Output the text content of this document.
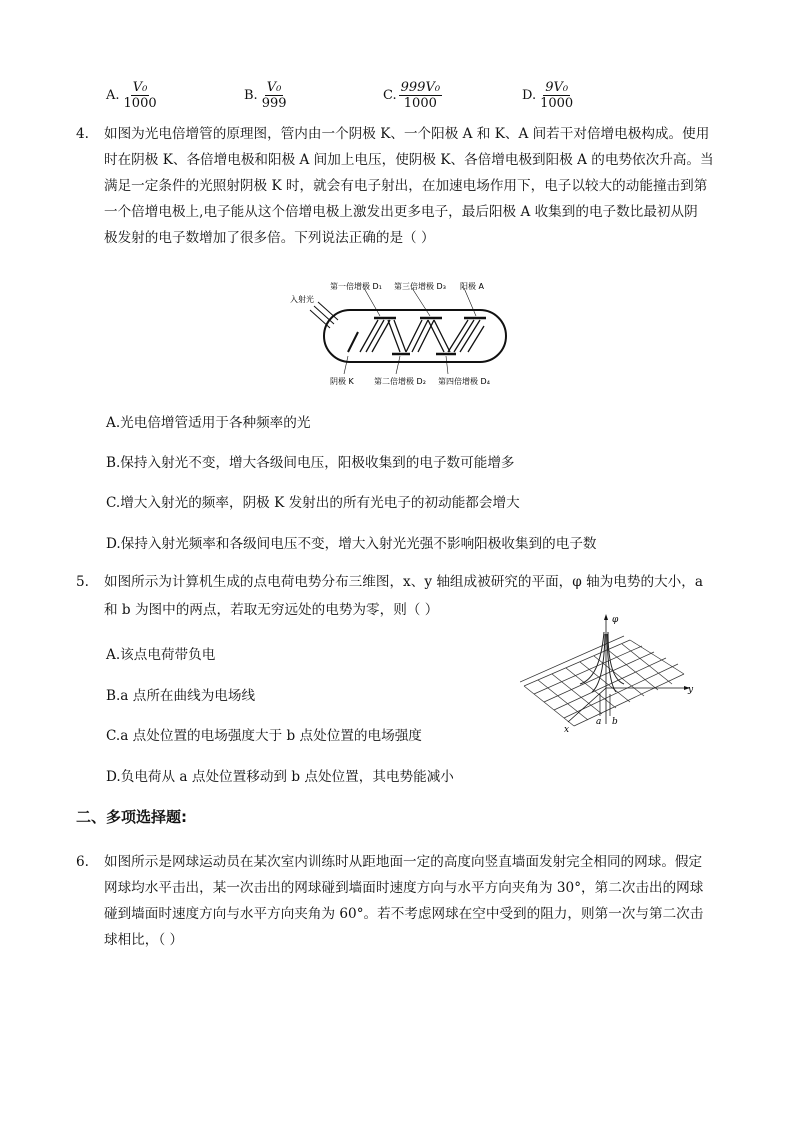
A. $\frac{\text{V₀}}{1000}$	B. $\frac{\text{V₀}}{999}$	C. $\frac{\text{999V₀}}{1000}$	D. $\frac{\text{9V₀}}{1000}$
4. 如图为光电倍增管的原理图，管内由一个阴极 K、一个阳极 A 和 K、A 间若干对倍增电极构成。使用
时在阴极 K、各倍增电极和阳极 A 间加上电压，使阴极 K、各倍增电极到阳极 A 的电势依次升高。当
满足一定条件的光照射阴极 K 时，就会有电子射出，在加速电场作用下，电子以较大的动能撞击到第
一个倍增电极上,电子能从这个倍增电极上激发出更多电子，最后阳极 A 收集到的电子数比最初从阴
极发射的电子数增加了很多倍。下列说法正确的是（ ）
入射光
第一倍增极 D₁ 第三倍增极 D₃ 阳极 A
阴极 K	第二倍增极 D₂ 第四倍增极 D₄
A.光电倍增管适用于各种频率的光
B.保持入射光不变，增大各级间电压，阳极收集到的电子数可能增多
C.增大入射光的频率，阴极 K 发射出的所有光电子的初动能都会增大
D.保持入射光频率和各级间电压不变，增大入射光光强不影响阳极收集到的电子数
5. 如图所示为计算机生成的点电荷电势分布三维图，x、y 轴组成被研究的平面，φ 轴为电势的大小，a
和 b 为图中的两点，若取无穷远处的电势为零，则（ ）
φ
y
x
a b
A.该点电荷带负电
B.a 点所在曲线为电场线
C.a 点处位置的电场强度大于 b 点处位置的电场强度
D.负电荷从 a 点处位置移动到 b 点处位置，其电势能减小
二、多项选择题:
6. 如图所示是网球运动员在某次室内训练时从距地面一定的高度向竖直墙面发射完全相同的网球。假定
网球均水平击出，某一次击出的网球碰到墙面时速度方向与水平方向夹角为 30°，第二次击出的网球
碰到墙面时速度方向与水平方向夹角为 60°。若不考虑网球在空中受到的阻力，则第一次与第二次击
球相比，（ ）
